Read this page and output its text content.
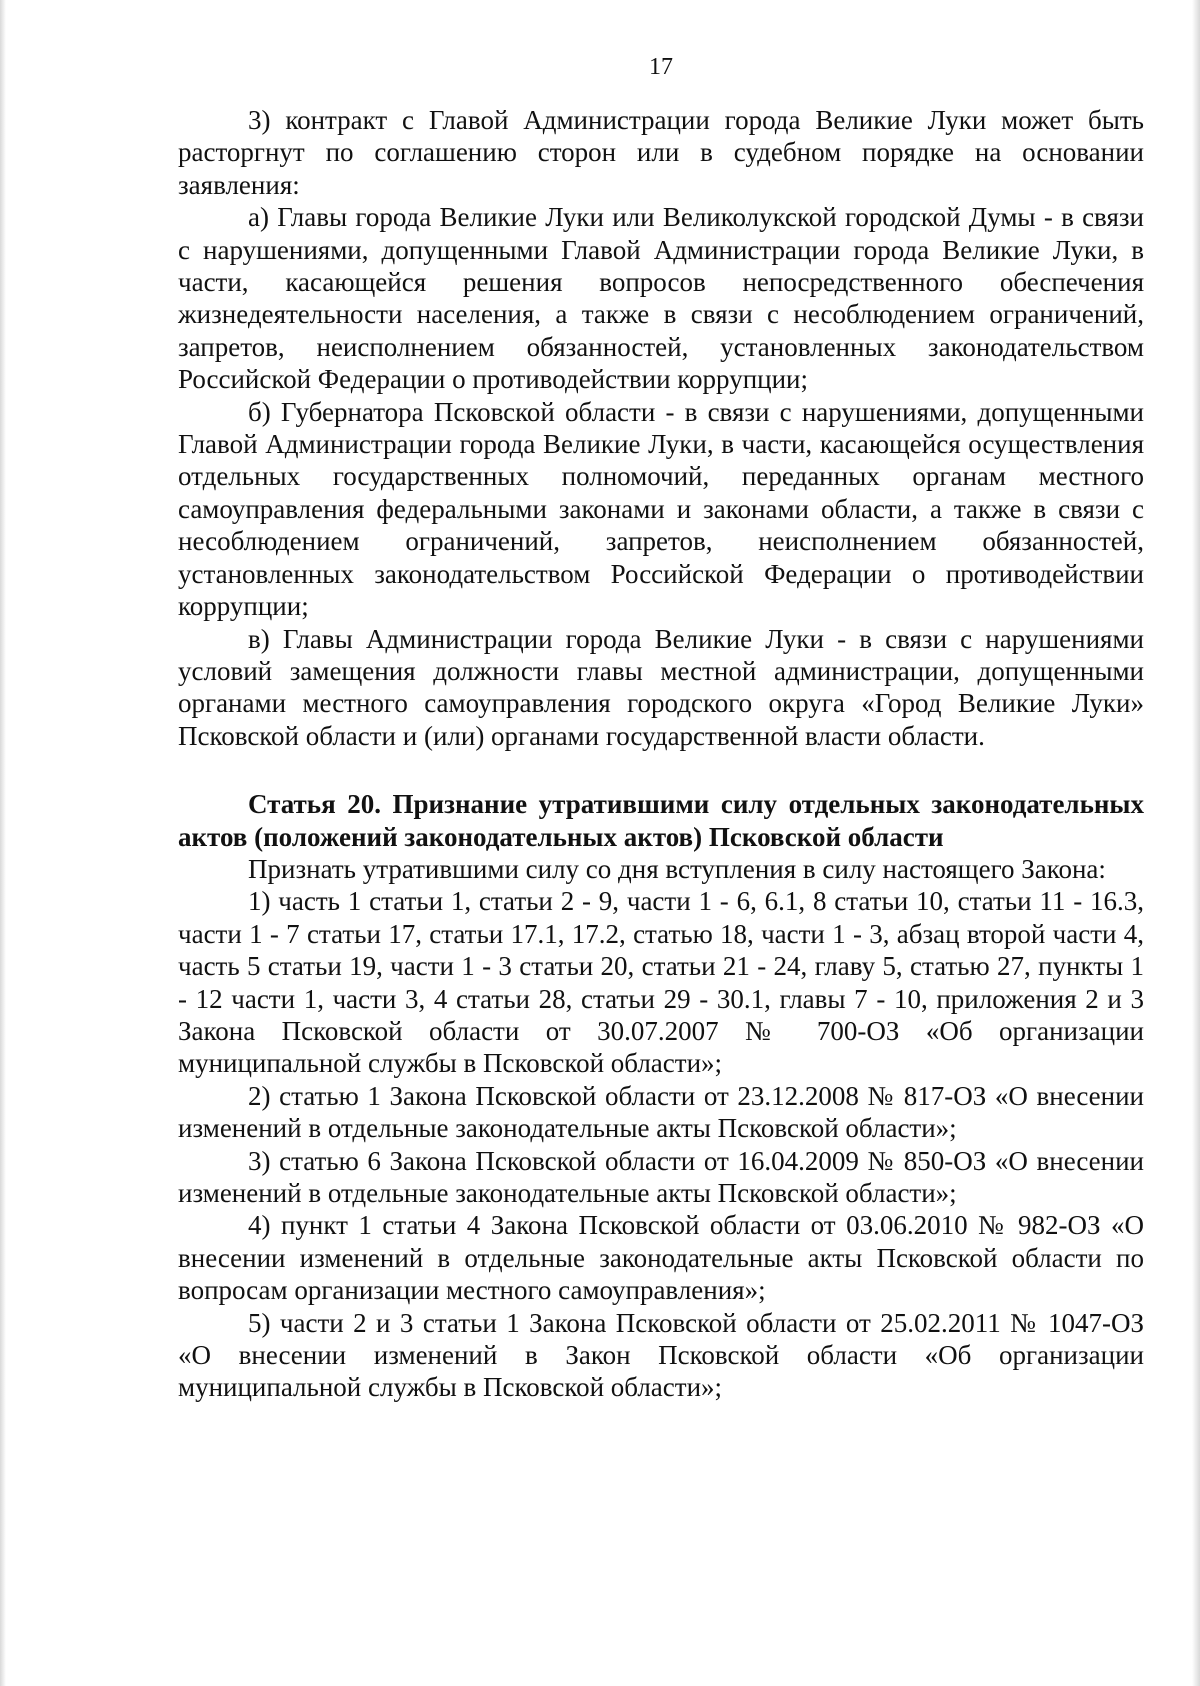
17

3) контракт с Главой Администрации города Великие Луки может быть расторгнут по соглашению сторон или в судебном порядке на основании заявления:

а) Главы города Великие Луки или Великолукской городской Думы - в связи с нарушениями, допущенными Главой Администрации города Великие Луки, в части, касающейся решения вопросов непосредственного обеспечения жизнедеятельности населения, а также в связи с несоблюдением ограничений, запретов, неисполнением обязанностей, установленных законодательством Российской Федерации о противодействии коррупции;

б) Губернатора Псковской области - в связи с нарушениями, допущенными Главой Администрации города Великие Луки, в части, касающейся осуществления отдельных государственных полномочий, переданных органам местного самоуправления федеральными законами и законами области, а также в связи с несоблюдением ограничений, запретов, неисполнением обязанностей, установленных законодательством Российской Федерации о противодействии коррупции;

в) Главы Администрации города Великие Луки - в связи с нарушениями условий замещения должности главы местной администрации, допущенными органами местного самоуправления городского округа «Город Великие Луки» Псковской области и (или) органами государственной власти области.

Статья 20. Признание утратившими силу отдельных законодательных актов (положений законодательных актов) Псковской области

Признать утратившими силу со дня вступления в силу настоящего Закона:

1) часть 1 статьи 1, статьи 2 - 9, части 1 - 6, 6.1, 8 статьи 10, статьи 11 - 16.3, части 1 - 7 статьи 17, статьи 17.1, 17.2, статью 18, части 1 - 3, абзац второй части 4, часть 5 статьи 19, части 1 - 3 статьи 20, статьи 21 - 24, главу 5, статью 27, пункты 1 - 12 части 1, части 3, 4 статьи 28, статьи 29 - 30.1, главы 7 - 10, приложения 2 и 3 Закона Псковской области от 30.07.2007 № 700-ОЗ «Об организации муниципальной службы в Псковской области»;

2) статью 1 Закона Псковской области от 23.12.2008 № 817-ОЗ «О внесении изменений в отдельные законодательные акты Псковской области»;

3) статью 6 Закона Псковской области от 16.04.2009 № 850-ОЗ «О внесении изменений в отдельные законодательные акты Псковской области»;

4) пункт 1 статьи 4 Закона Псковской области от 03.06.2010 № 982-ОЗ «О внесении изменений в отдельные законодательные акты Псковской области по вопросам организации местного самоуправления»;

5) части 2 и 3 статьи 1 Закона Псковской области от 25.02.2011 № 1047-ОЗ «О внесении изменений в Закон Псковской области «Об организации муниципальной службы в Псковской области»;
